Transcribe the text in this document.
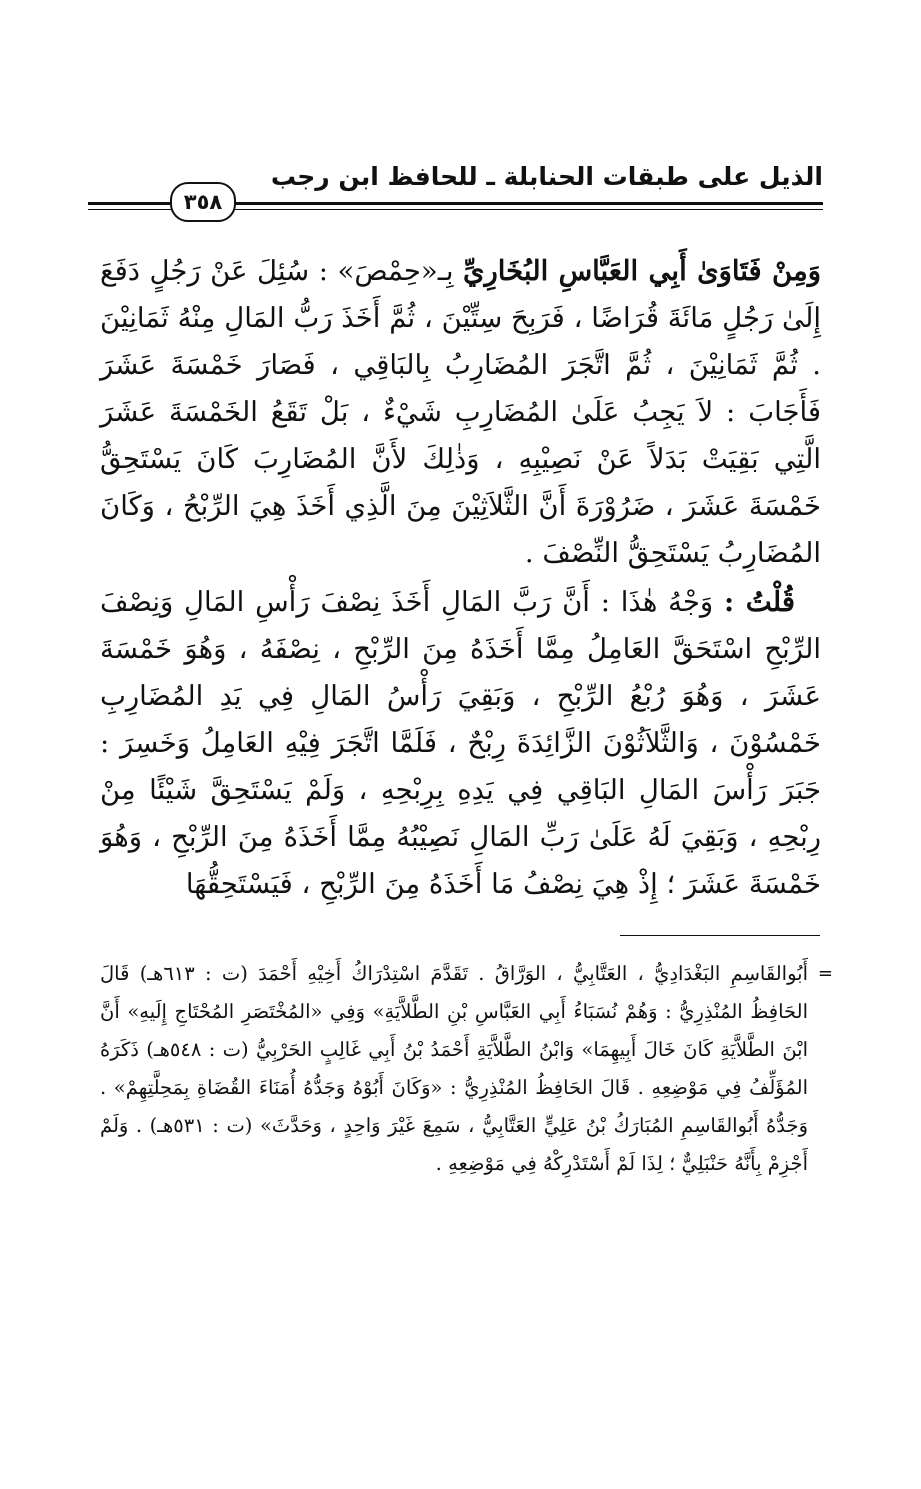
الذيل على طبقات الحنابلة ـ للحافظ ابن رجب
٣٥٨

وَمِنْ فَتَاوَىٰ أَبِي العَبَّاسِ البُخَارِيِّ بِـ«حِمْصَ» : سُئِلَ عَنْ رَجُلٍ دَفَعَ إِلَىٰ رَجُلٍ مَائَةَ قُرَاضًا ، فَرَبِحَ سِتِّيْنَ ، ثُمَّ أَخَذَ رَبُّ المَالِ مِنْهُ ثَمَانِيْنَ . ثُمَّ ثَمَانِيْنَ ، ثُمَّ اتَّجَرَ المُضَارِبُ بِالبَاقِي ، فَصَارَ خَمْسَةَ عَشَرَ فَأَجَابَ : لاَ يَجِبُ عَلَىٰ المُضَارِبِ شَيْءٌ ، بَلْ تَقَعُ الخَمْسَةَ عَشَرَ الَّتِي بَقِيَتْ بَدَلاً عَنْ نَصِيْبِهِ ، وَذٰلِكَ لأَنَّ المُضَارِبَ كَانَ يَسْتَحِقُّ خَمْسَةَ عَشَرَ ، ضَرُوْرَةَ أَنَّ الثَّلاَثِيْنَ مِنَ الَّذِي أَخَذَ هِيَ الرِّبْحُ ، وَكَانَ المُضَارِبُ يَسْتَحِقُّ النِّصْفَ .

قُلْتُ : وَجْهُ هٰذَا : أَنَّ رَبَّ المَالِ أَخَذَ نِصْفَ رَأْسِ المَالِ وَنِصْفَ الرِّبْحِ اسْتَحَقَّ العَامِلُ مِمَّا أَخَذَهُ مِنَ الرِّبْحِ ، نِصْفَهُ ، وَهُوَ خَمْسَةَ عَشَرَ ، وَهُوَ رُبْعُ الرِّبْحِ ، وَبَقِيَ رَأْسُ المَالِ فِي يَدِ المُضَارِبِ خَمْسُوْنَ ، وَالثَّلاَثُوْنَ الزَّائِدَةَ رِبْحٌ ، فَلَمَّا اتَّجَرَ فِيْهِ العَامِلُ وَخَسِرَ : جَبَرَ رَأْسَ المَالِ البَاقِي فِي يَدِهِ بِرِبْحِهِ ، وَلَمْ يَسْتَحِقَّ شَيْئًا مِنْ رِبْحِهِ ، وَبَقِيَ لَهُ عَلَىٰ رَبِّ المَالِ نَصِيْبُهُ مِمَّا أَخَذَهُ مِنَ الرِّبْحِ ، وَهُوَ خَمْسَةَ عَشَرَ ؛ إِذْ هِيَ نِصْفُ مَا أَخَذَهُ مِنَ الرِّبْحِ ، فَيَسْتَحِقُّهَا

=
أَبُوالقَاسِمِ البَغْدَادِيُّ ، العَتَّابِيُّ ، الوَرَّاقُ . تَقَدَّمَ اسْتِدْرَاكُ أَخِيْهِ أَحْمَدَ (ت : ٦١٣هـ) قَالَ الحَافِظُ المُنْذِرِيُّ : وَهُمْ نُسَبَاءُ أَبِي العَبَّاسِ بْنِ الطَّلاَّيَةِ» وَفِي «المُخْتَصَرِ المُحْتَاجِ إِلَيهِ» أَنَّ ابْنَ الطَّلاَّيَةِ كَانَ خَالَ أَبِيهِمَا» وَابْنُ الطَّلاَّيَةِ أَحْمَدُ بْنُ أَبِي غَالِبٍ الحَرْبِيُّ (ت : ٥٤٨هـ) ذَكَرَهُ المُؤَلِّفُ فِي مَوْضِعِهِ . قَالَ الحَافِظُ المُنْذِرِيُّ : «وَكَانَ أَبُوْهُ وَجَدُّهُ أُمَنَاءَ القُضَاةِ بِمَحِلَّتِهِمْ» . وَجَدُّهُ أَبُوالقَاسِمِ المُبَارَكُ بْنُ عَلِيٍّ العَتَّابِيُّ ، سَمِعَ غَيْرَ وَاحِدٍ ، وَحَدَّثَ» (ت : ٥٣١هـ) . وَلَمْ أَجْزِمْ بِأَنَّهُ حَنْبَلِيٌّ ؛ لِذَا لَمْ أَسْتَدْرِكْهُ فِي مَوْضِعِهِ .
